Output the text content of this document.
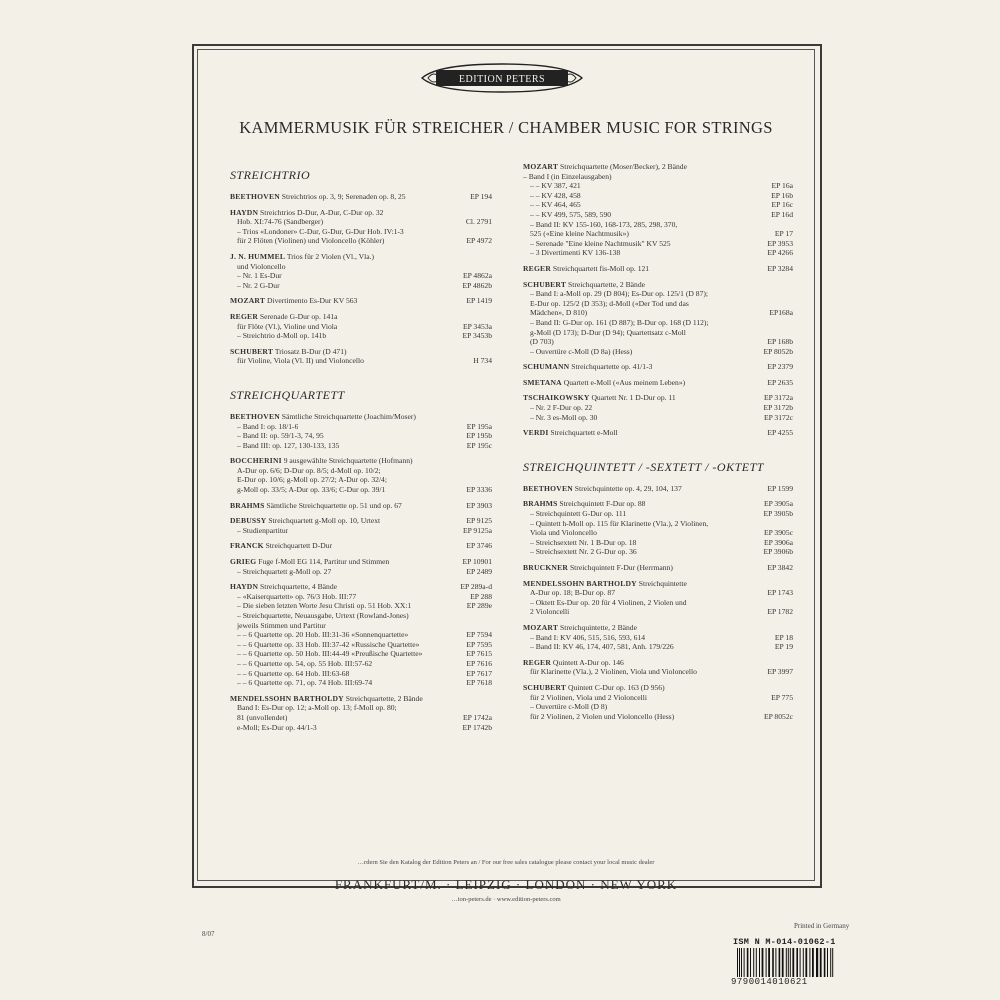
EDITION PETERS
KAMMERMUSIK FÜR STREICHER / CHAMBER MUSIC FOR STRINGS
STREICHTRIO
BEETHOVEN Streichtrios op. 3, 9; Serenaden op. 8, 25	EP 194
HAYDN Streichtrios D-Dur, A-Dur, C-Dur op. 32
Hob. XI:74-76 (Sandberger)	Cl. 2791
– Trios «Londoner» C-Dur, G-Dur, G-Dur Hob. IV:1-3
für 2 Flöten (Violinen) und Violoncello (Köhler)	EP 4972
J. N. HUMMEL Trios für 2 Violen (Vl., Vla.)
und Violoncello
– Nr. 1 Es-Dur	EP 4862a
– Nr. 2 G-Dur	EP 4862b
MOZART Divertimento Es-Dur KV 563	EP 1419
REGER Serenade G-Dur op. 141a
für Flöte (Vl.), Violine und Viola	EP 3453a
– Streichtrio d-Moll op. 141b	EP 3453b
SCHUBERT Triosatz B-Dur (D 471)
für Violine, Viola (Vl. II) und Violoncello	H 734
STREICHQUARTETT
BEETHOVEN Sämtliche Streichquartette (Joachim/Moser)
– Band I: op. 18/1-6	EP 195a
– Band II: op. 59/1-3, 74, 95	EP 195b
– Band III: op. 127, 130-133, 135	EP 195c
BOCCHERINI 9 ausgewählte Streichquartette (Hofmann)
A-Dur op. 6/6; D-Dur op. 8/5; d-Moll op. 10/2;
E-Dur op. 10/6; g-Moll op. 27/2; A-Dur op. 32/4;
g-Moll op. 33/5; A-Dur op. 33/6; C-Dur op. 39/1	EP 3336
BRAHMS Sämtliche Streichquartette op. 51 und op. 67	EP 3903
DEBUSSY Streichquartett g-Moll op. 10, Urtext	EP 9125
– Studienpartitur	EP 9125a
FRANCK Streichquartett D-Dur	EP 3746
GRIEG Fuge f-Moll EG 114, Partitur und Stimmen	EP 10901
– Streichquartett g-Moll op. 27	EP 2489
HAYDN Streichquartette, 4 Bände	EP 289a-d
– «Kaiserquartett» op. 76/3 Hob. III:77	EP 288
– Die sieben letzten Worte Jesu Christi op. 51 Hob. XX:1	EP 289e
– Streichquartette, Neuausgabe, Urtext (Rowland-Jones)
jeweils Stimmen und Partitur
– – 6 Quartette op. 20 Hob. III:31-36 «Sonnenquartette»	EP 7594
– – 6 Quartette op. 33 Hob. III:37-42 «Russische Quartette»	EP 7595
– – 6 Quartette op. 50 Hob. III:44-49 «Preußische Quartette»	EP 7615
– – 6 Quartette op. 54, op. 55 Hob. III:57-62	EP 7616
– – 6 Quartette op. 64 Hob. III:63-68	EP 7617
– – 6 Quartette op. 71, op. 74 Hob. III:69-74	EP 7618
MENDELSSOHN BARTHOLDY Streichquartette, 2 Bände
Band I: Es-Dur op. 12; a-Moll op. 13; f-Moll op. 80;
81 (unvollendet)	EP 1742a
e-Moll; Es-Dur op. 44/1-3	EP 1742b
MOZART Streichquartette (Moser/Becker), 2 Bände
– Band I (in Einzelausgaben)
– – KV 387, 421	EP 16a
– – KV 428, 458	EP 16b
– – KV 464, 465	EP 16c
– – KV 499, 575, 589, 590	EP 16d
– Band II: KV 155-160, 168-173, 285, 298, 370,
525 («Eine kleine Nachtmusik»)	EP 17
– Serenade "Eine kleine Nachtmusik" KV 525	EP 3953
– 3 Divertimenti KV 136-138	EP 4266
REGER Streichquartett fis-Moll op. 121	EP 3284
SCHUBERT Streichquartette, 2 Bände
– Band I: a-Moll op. 29 (D 804); Es-Dur op. 125/1 (D 87);
E-Dur op. 125/2 (D 353); d-Moll («Der Tod und das
Mädchen», D 810)	EP168a
– Band II: G-Dur op. 161 (D 887); B-Dur op. 168 (D 112);
g-Moll (D 173); D-Dur (D 94); Quartettsatz c-Moll
(D 703)	EP 168b
– Ouvertüre c-Moll (D 8a) (Hess)	EP 8052b
SCHUMANN Streichquartette op. 41/1-3	EP 2379
SMETANA Quartett e-Moll («Aus meinem Leben»)	EP 2635
TSCHAIKOWSKY Quartett Nr. 1 D-Dur op. 11	EP 3172a
– Nr. 2 F-Dur op. 22	EP 3172b
– Nr. 3 es-Moll op. 30	EP 3172c
VERDI Streichquartett e-Moll	EP 4255
STREICHQUINTETT / -SEXTETT / -OKTETT
BEETHOVEN Streichquintette op. 4, 29, 104, 137	EP 1599
BRAHMS Streichquintett F-Dur op. 88	EP 3905a
– Streichquintett G-Dur op. 111	EP 3905b
– Quintett h-Moll op. 115 für Klarinette (Vla.), 2 Violinen,
Viola und Violoncello	EP 3905c
– Streichsextett Nr. 1 B-Dur op. 18	EP 3906a
– Streichsextett Nr. 2 G-Dur op. 36	EP 3906b
BRUCKNER Streichquintett F-Dur (Herrmann)	EP 3842
MENDELSSOHN BARTHOLDY Streichquintette
A-Dur op. 18; B-Dur op. 87	EP 1743
– Oktett Es-Dur op. 20 für 4 Violinen, 2 Violen und
2 Violoncelli	EP 1782
MOZART Streichquintette, 2 Bände
– Band I: KV 406, 515, 516, 593, 614	EP 18
– Band II: KV 46, 174, 407, 581, Anh. 179/226	EP 19
REGER Quintett A-Dur op. 146
für Klarinette (Vla.), 2 Violinen, Viola und Violoncello	EP 3997
SCHUBERT Quintett C-Dur op. 163 (D 956)
für 2 Violinen, Viola und 2 Violoncelli	EP 775
– Ouvertüre c-Moll (D 8)
für 2 Violinen, 2 Violen und Violoncello (Hess)	EP 8052c
…rdern Sie den Katalog der Edition Peters an / For our free sales catalogue please contact your local music dealer
FRANKFURT/M. · LEIPZIG · LONDON · NEW YORK
…ion-peters.de · www.edition-peters.com
8/07
Printed in Germany
ISM N M-014-01062-1
9790014010621
